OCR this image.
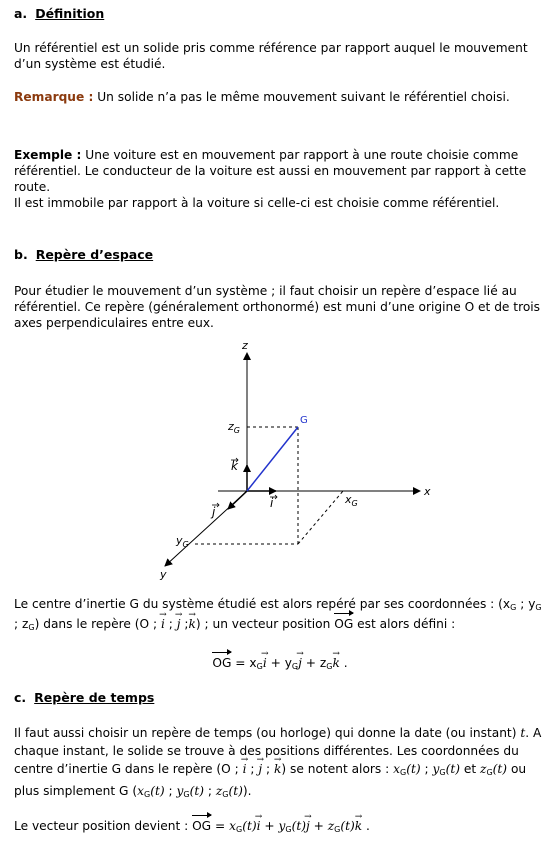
a. Définition

Un référentiel est un solide pris comme référence par rapport auquel le mouvement d’un système est étudié.

Remarque : Un solide n’a pas le même mouvement suivant le référentiel choisi.

Exemple : Une voiture est en mouvement par rapport à une route choisie comme référentiel. Le conducteur de la voiture est aussi en mouvement par rapport à cette route.
Il est immobile par rapport à la voiture si celle-ci est choisie comme référentiel.

b. Repère d’espace

Pour étudier le mouvement d’un système ; il faut choisir un repère d’espace lié au référentiel. Ce repère (généralement orthonormé) est muni d’une origine O et de trois axes perpendiculaires entre eux.

z
x
y
G
$z_G$
$x_G$
$y_G$
k
i
j

Le centre d’inertie G du système étudié est alors repéré par ses coordonnées : ($x_G$ ; $y_G$ ; $z_G$) dans le repère (O ; → i ; → j ;→ k) ; un vecteur position OG est alors défini :

OG = $x_G\to i + y_G\to j + z_G\to k$ .

c. Repère de temps

Il faut aussi choisir un repère de temps (ou horloge) qui donne la date (ou instant) t. A chaque instant, le solide se trouve à des positions différentes. Les coordonnées du centre d’inertie G dans le repère (O ; → i ; → j ; → k) se notent alors : $x_G(t)$ ; $y_G(t)$ et $z_G(t)$ ou plus simplement G ($x_G(t)$ ; $y_G(t)$ ; $z_G(t)$).

Le vecteur position devient : OG = $x_G(t)\to i + y_G(t)\to j + z_G(t)\to k$ .
